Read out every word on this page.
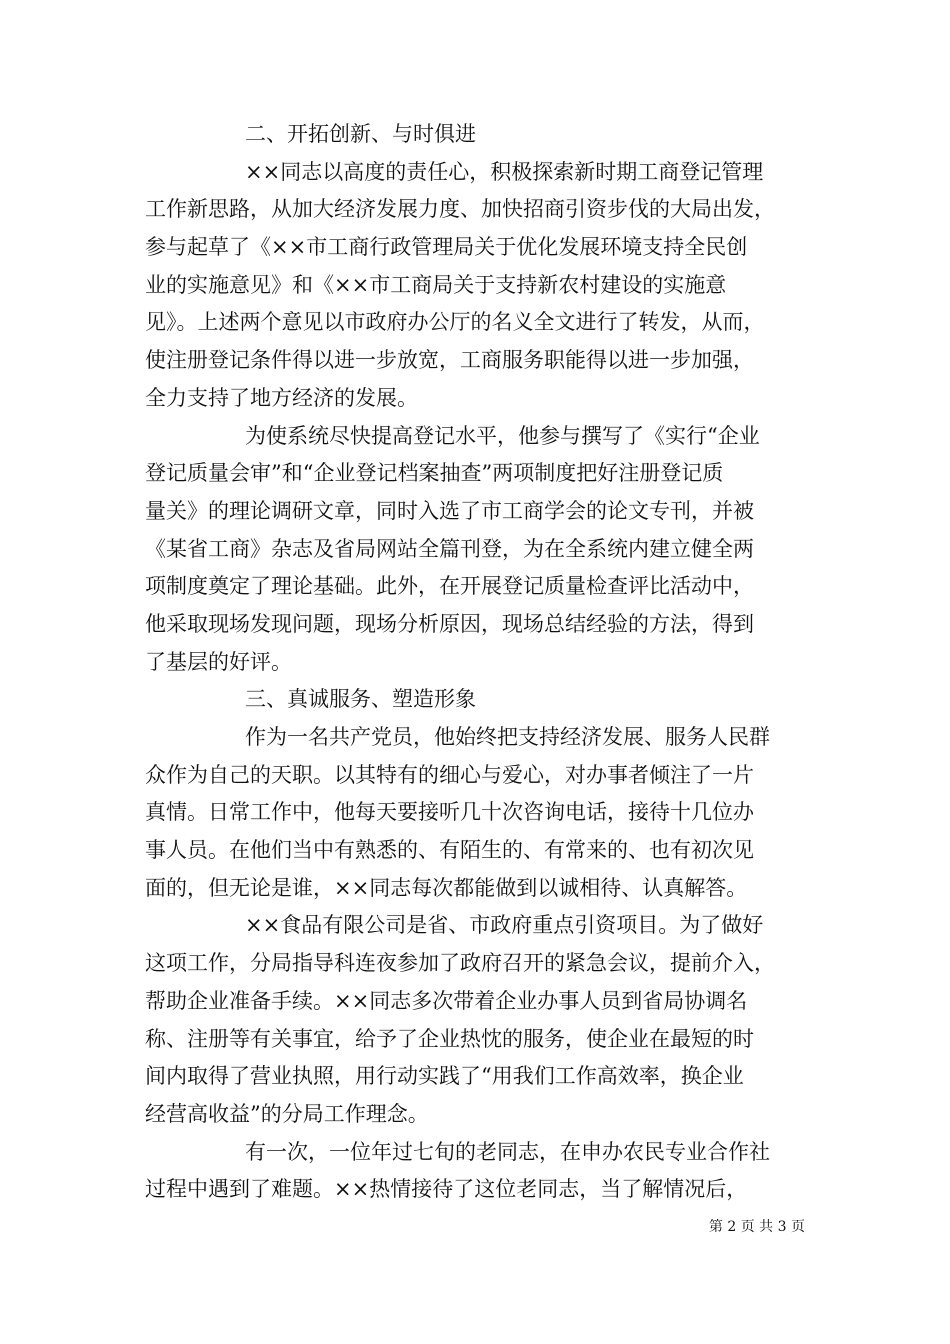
二、开拓创新、与时俱进
××同志以高度的责任心，积极探索新时期工商登记管理
工作新思路，从加大经济发展力度、加快招商引资步伐的大局出发，
参与起草了《××市工商行政管理局关于优化发展环境支持全民创
业的实施意见》和《××市工商局关于支持新农村建设的实施意
见》。上述两个意见以市政府办公厅的名义全文进行了转发，从而，
使注册登记条件得以进一步放宽，工商服务职能得以进一步加强，
全力支持了地方经济的发展。
为使系统尽快提高登记水平，他参与撰写了《实行“企业
登记质量会审”和“企业登记档案抽查”两项制度把好注册登记质
量关》的理论调研文章，同时入选了市工商学会的论文专刊，并被
《某省工商》杂志及省局网站全篇刊登，为在全系统内建立健全两
项制度奠定了理论基础。此外，在开展登记质量检查评比活动中，
他采取现场发现问题，现场分析原因，现场总结经验的方法，得到
了基层的好评。
三、真诚服务、塑造形象
作为一名共产党员，他始终把支持经济发展、服务人民群
众作为自己的天职。以其特有的细心与爱心，对办事者倾注了一片
真情。日常工作中，他每天要接听几十次咨询电话，接待十几位办
事人员。在他们当中有熟悉的、有陌生的、有常来的、也有初次见
面的，但无论是谁，××同志每次都能做到以诚相待、认真解答。
××食品有限公司是省、市政府重点引资项目。为了做好
这项工作，分局指导科连夜参加了政府召开的紧急会议，提前介入，
帮助企业准备手续。××同志多次带着企业办事人员到省局协调名
称、注册等有关事宜，给予了企业热忱的服务，使企业在最短的时
间内取得了营业执照，用行动实践了“用我们工作高效率，换企业
经营高收益”的分局工作理念。
有一次，一位年过七旬的老同志，在申办农民专业合作社
过程中遇到了难题。××热情接待了这位老同志，当了解情况后，
第 2 页 共 3 页
